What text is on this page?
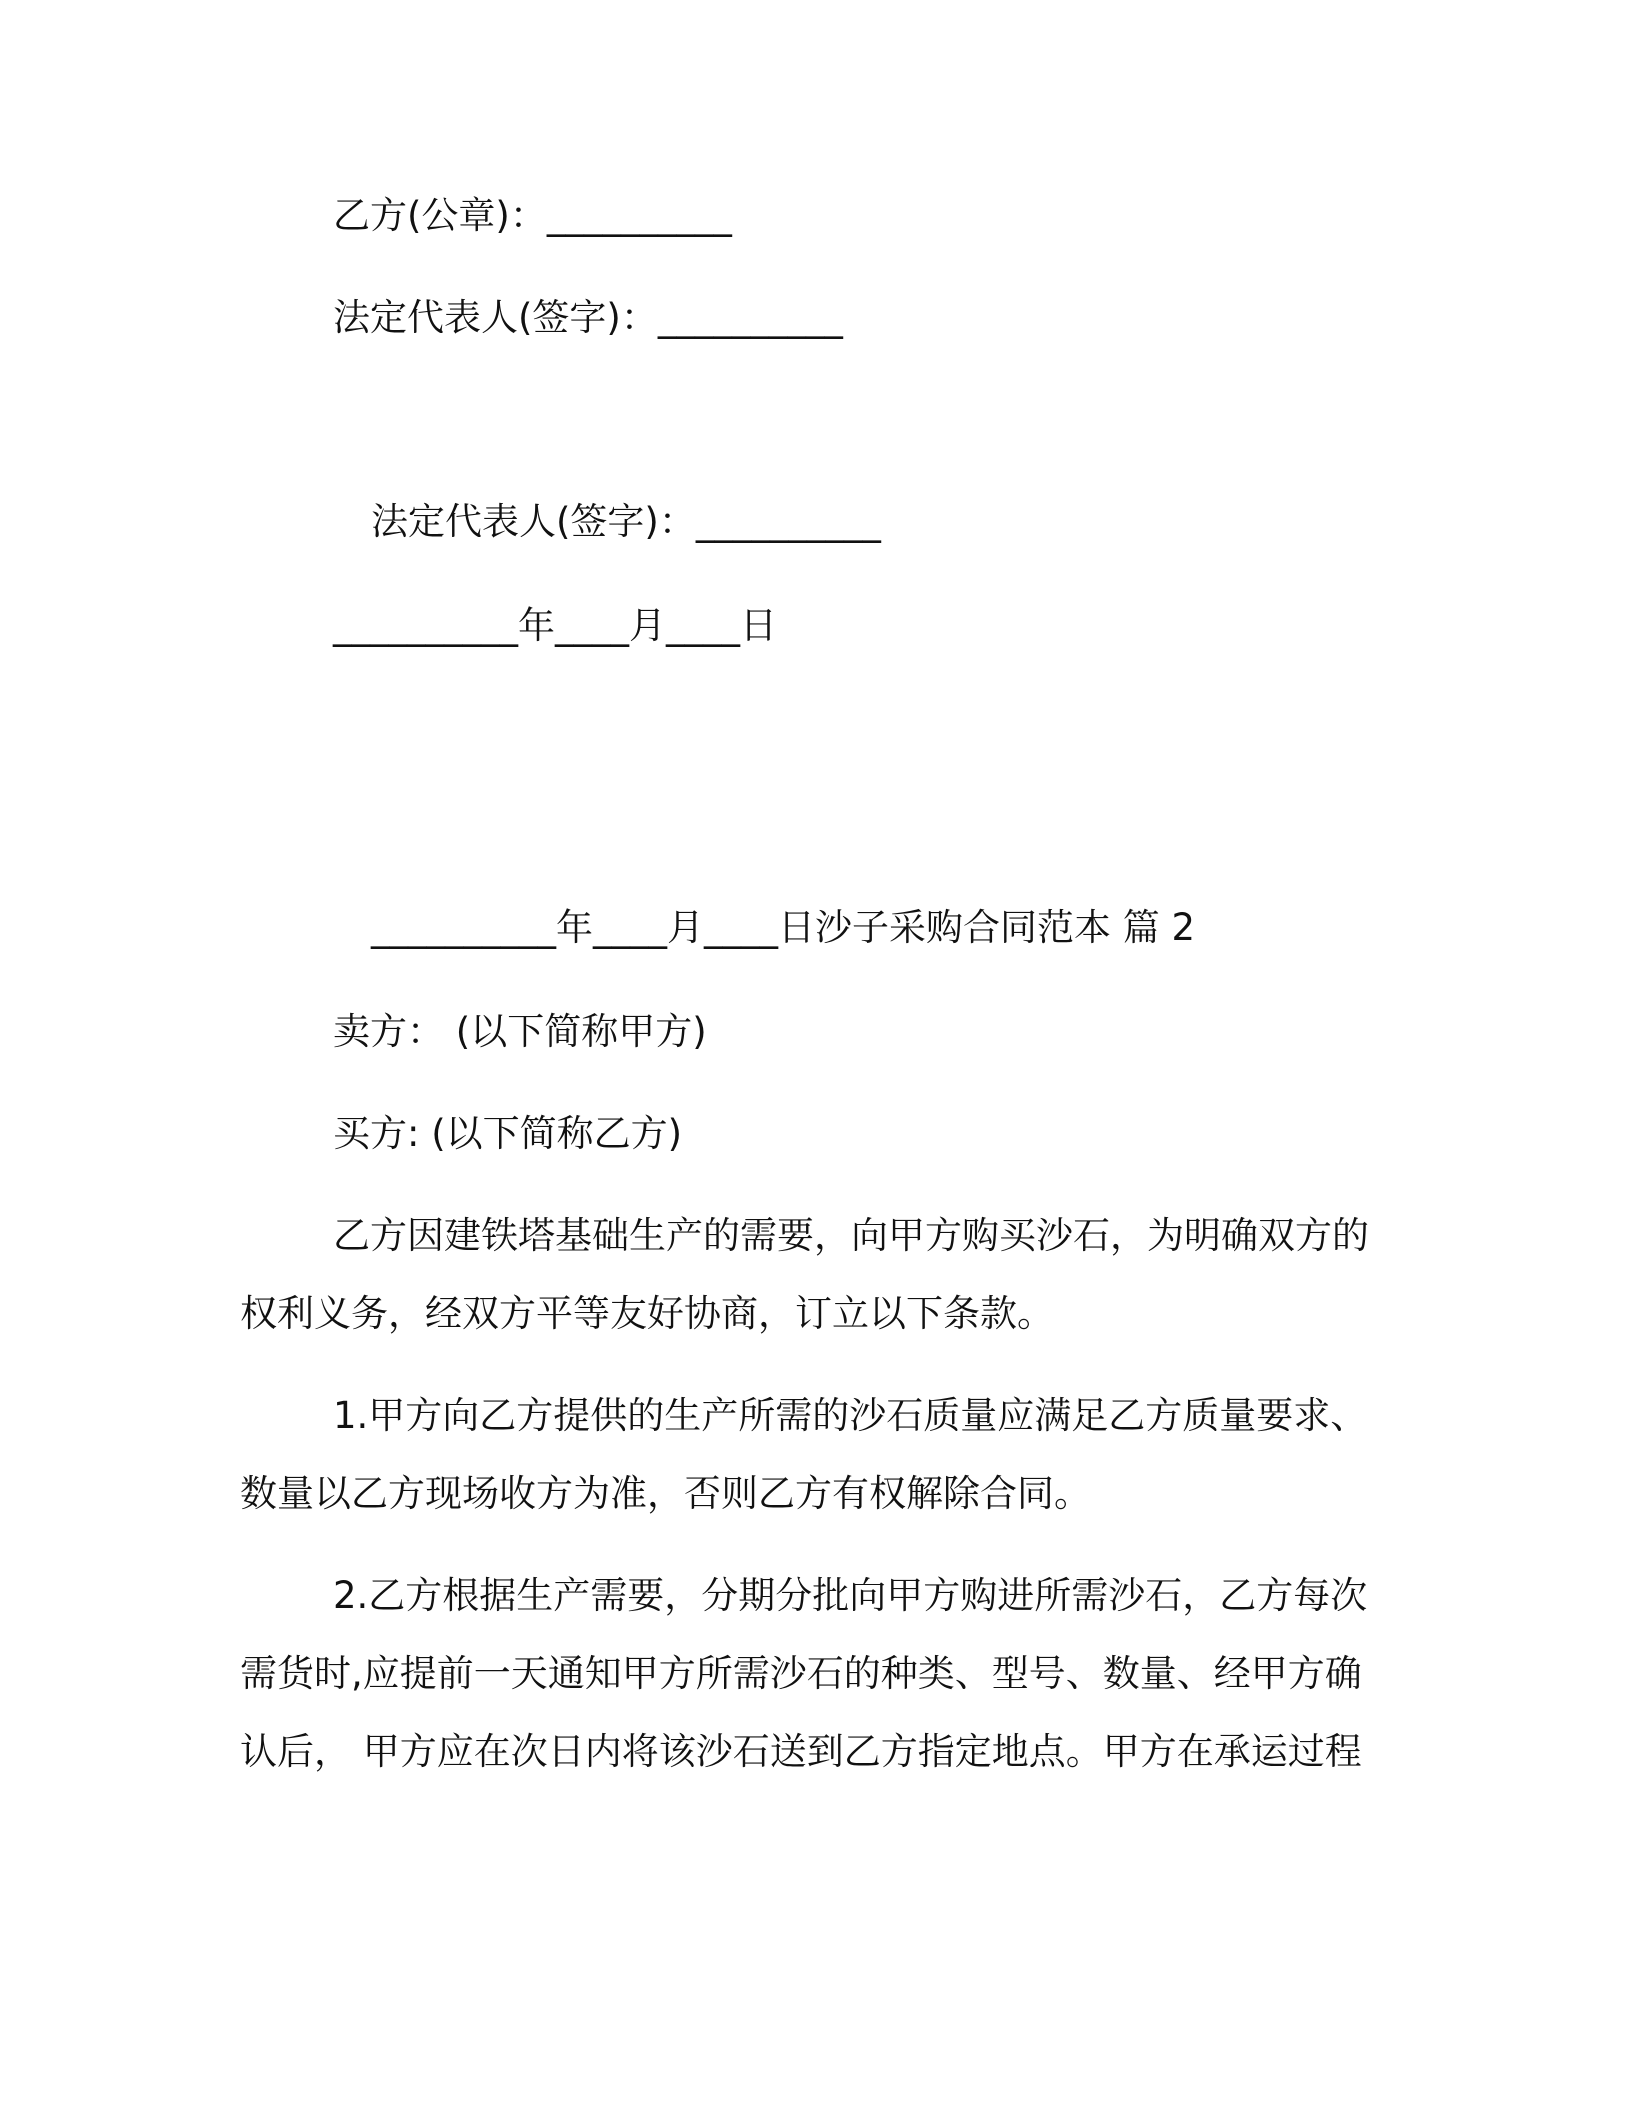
乙方(公章)：__________
法定代表人(签字)：__________
法定代表人(签字)：__________
__________年____月____日
__________年____月____日沙子采购合同范本 篇 2
卖方： (以下简称甲方)
买方: (以下简称乙方)
乙方因建铁塔基础生产的需要，向甲方购买沙石，为明确双方的
权利义务，经双方平等友好协商，订立以下条款。
1.甲方向乙方提供的生产所需的沙石质量应满足乙方质量要求、
数量以乙方现场收方为准，否则乙方有权解除合同。
2.乙方根据生产需要，分期分批向甲方购进所需沙石，乙方每次
需货时,应提前一天通知甲方所需沙石的种类、型号、数量、经甲方确
认后， 甲方应在次日内将该沙石送到乙方指定地点。甲方在承运过程
